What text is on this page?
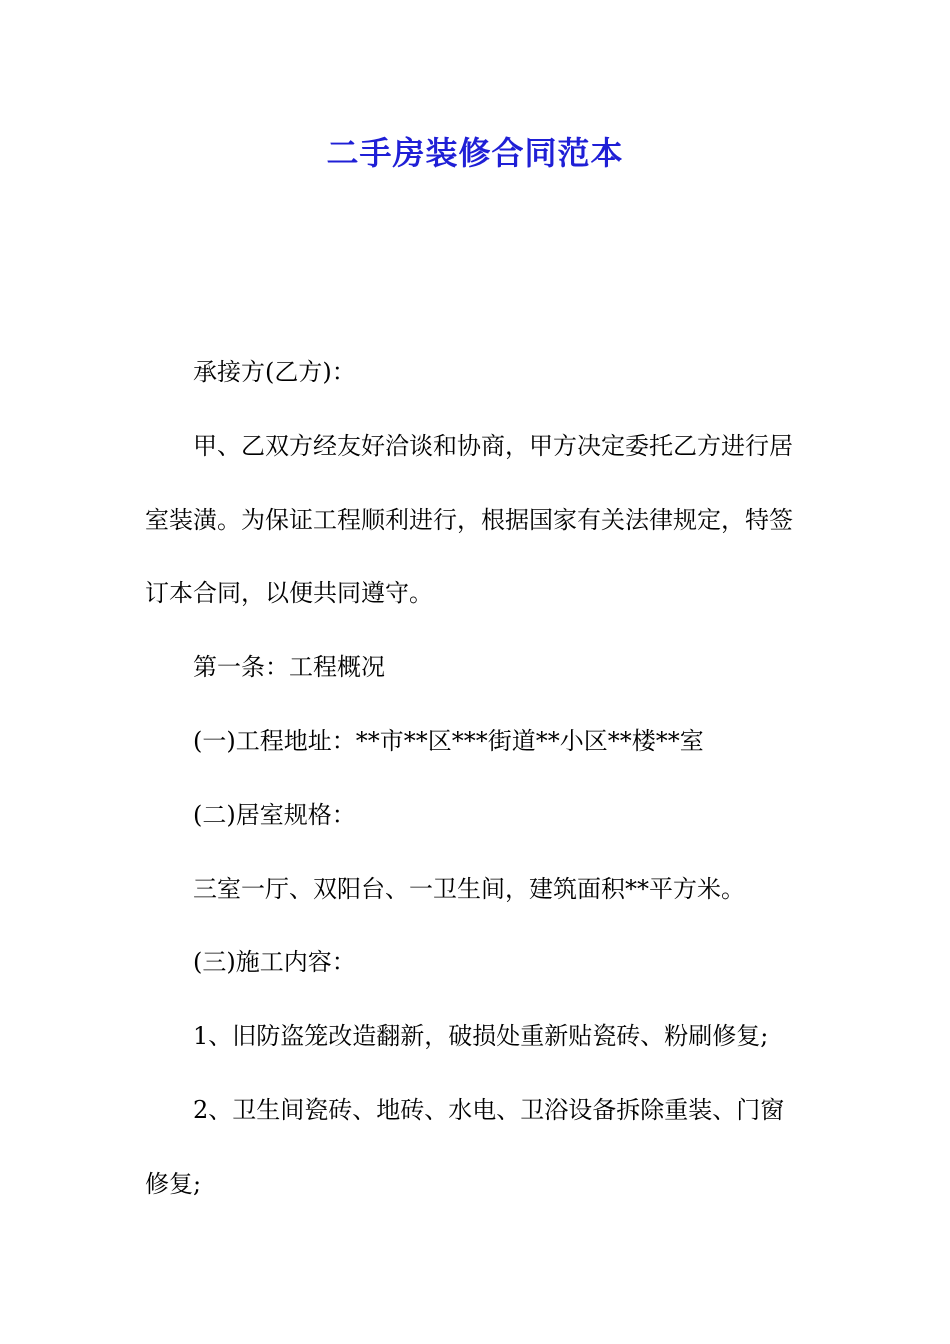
二手房装修合同范本

承接方(乙方)：

甲、乙双方经友好洽谈和协商，甲方决定委托乙方进行居室装潢。为保证工程顺利进行，根据国家有关法律规定，特签订本合同，以便共同遵守。

第一条：工程概况

(一)工程地址：**市**区***街道**小区**楼**室

(二)居室规格：

三室一厅、双阳台、一卫生间，建筑面积**平方米。

(三)施工内容：

1、旧防盗笼改造翻新，破损处重新贴瓷砖、粉刷修复;

2、卫生间瓷砖、地砖、水电、卫浴设备拆除重装、门窗修复;
